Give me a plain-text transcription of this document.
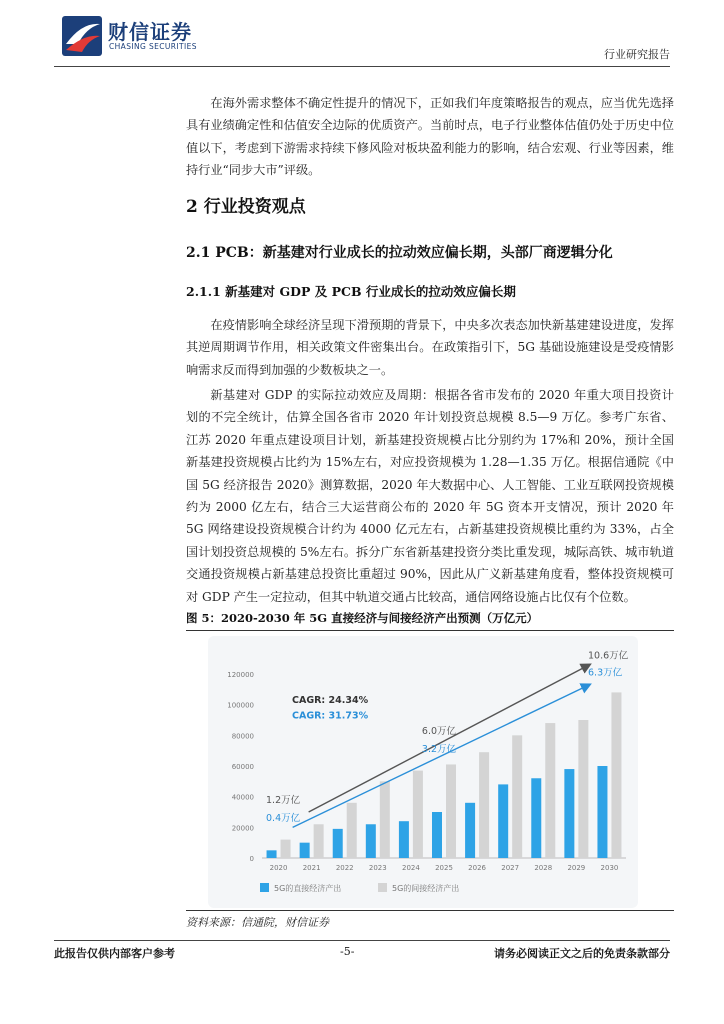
财信证券
CHASING SECURITIES
行业研究报告
在海外需求整体不确定性提升的情况下，正如我们年度策略报告的观点，应当优先选择具有业绩确定性和估值安全边际的优质资产。当前时点，电子行业整体估值仍处于历史中位值以下，考虑到下游需求持续下修风险对板块盈利能力的影响，结合宏观、行业等因素，维持行业“同步大市”评级。
2 行业投资观点
2.1 PCB：新基建对行业成长的拉动效应偏长期，头部厂商逻辑分化
2.1.1 新基建对 GDP 及 PCB 行业成长的拉动效应偏长期
在疫情影响全球经济呈现下滑预期的背景下，中央多次表态加快新基建建设进度，发挥其逆周期调节作用，相关政策文件密集出台。在政策指引下，5G 基础设施建设是受疫情影响需求反而得到加强的少数板块之一。
新基建对 GDP 的实际拉动效应及周期：根据各省市发布的 2020 年重大项目投资计划的不完全统计，估算全国各省市 2020 年计划投资总规模 8.5—9 万亿。参考广东省、江苏 2020 年重点建设项目计划，新基建投资规模占比分别约为 17%和 20%，预计全国新基建投资规模占比约为 15%左右，对应投资规模为 1.28—1.35 万亿。根据信通院《中国 5G 经济报告 2020》测算数据，2020 年大数据中心、人工智能、工业互联网投资规模约为 2000 亿左右，结合三大运营商公布的 2020 年 5G 资本开支情况，预计 2020 年 5G 网络建设投资规模合计约为 4000 亿元左右，占新基建投资规模比重约为 33%，占全国计划投资总规模的 5%左右。拆分广东省新基建投资分类比重发现，城际高铁、城市轨道交通投资规模占新基建总投资比重超过 90%，因此从广义新基建角度看，整体投资规模可对 GDP 产生一定拉动，但其中轨道交通占比较高，通信网络设施占比仅有个位数。
图 5：2020-2030 年 5G 直接经济与间接经济产出预测（万亿元）
0
20000
40000
60000
80000
100000
120000
2020 2021 2022 2023 2024 2025 2026 2027 2028 2029 2030
CAGR: 24.34%
CAGR: 31.73%
1.2万亿
0.4万亿
6.0万亿
3.2万亿
10.6万亿
6.3万亿
5G的直接经济产出	5G的间接经济产出
资料来源：信通院，财信证券
此报告仅供内部客户参考	-5-	请务必阅读正文之后的免责条款部分
